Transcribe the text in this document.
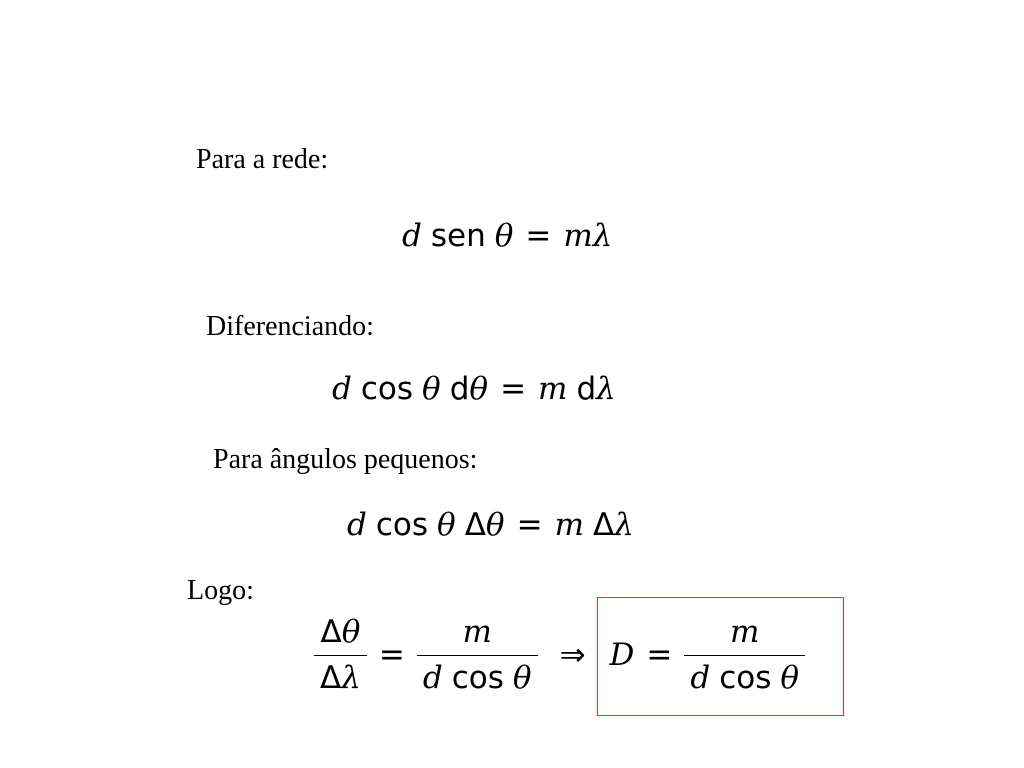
Para a rede:
d sen θ = m λ
Diferenciando:
d cos θ d θ = m d λ
Para ângulos pequenos:
d cos θ Δ θ = m Δ λ
Logo:
$\frac{\Delta\theta}{\Delta\lambda} = \frac{m}{\text{d cos θ}}$ ⇒ $D = \frac{m}{\text{d cos θ}}$
